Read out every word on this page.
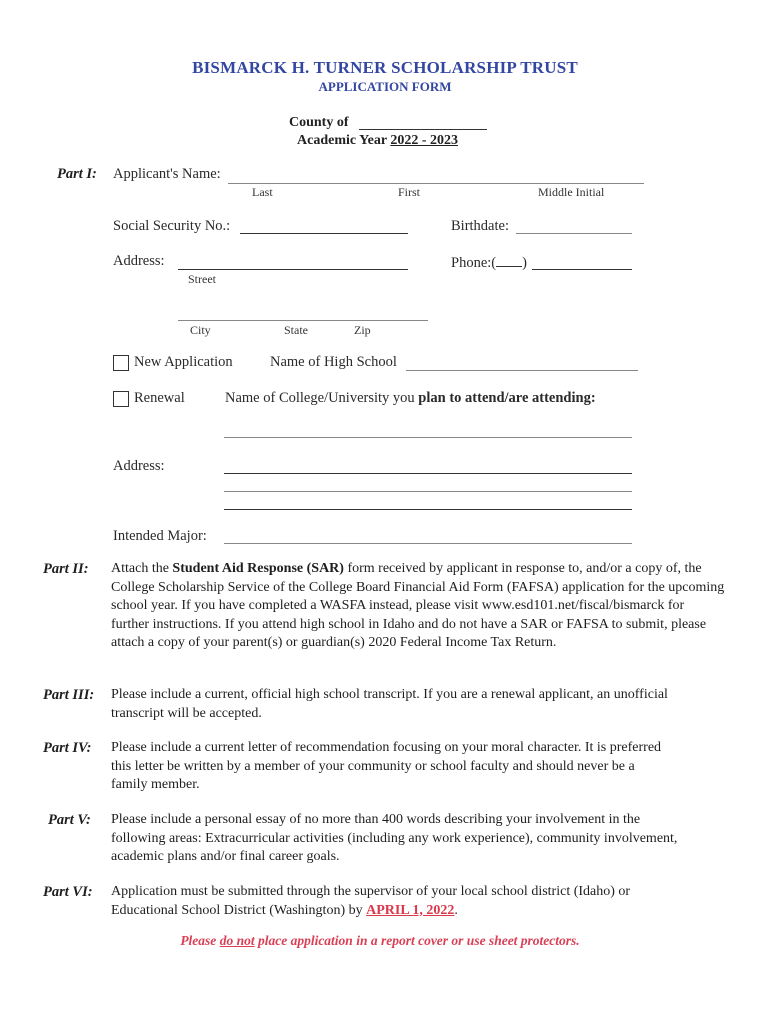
BISMARCK H. TURNER SCHOLARSHIP TRUST
APPLICATION FORM
County of
Academic Year 2022 - 2023
Part I: Applicant's Name:
Last	First	Middle Initial
Social Security No.:	Birthdate:
Address:
Street
Phone:( )
City	State	Zip
New Application	Name of High School
Renewal	Name of College/University you plan to attend/are attending:
Address:
Intended Major:
Part II: Attach the Student Aid Response (SAR) form received by applicant in response to, and/or a copy of, the College Scholarship Service of the College Board Financial Aid Form (FAFSA) application for the upcoming school year. If you have completed a WASFA instead, please visit www.esd101.net/fiscal/bismarck for further instructions. If you attend high school in Idaho and do not have a SAR or FAFSA to submit, please attach a copy of your parent(s) or guardian(s) 2020 Federal Income Tax Return.
Part III: Please include a current, official high school transcript. If you are a renewal applicant, an unofficial transcript will be accepted.
Part IV: Please include a current letter of recommendation focusing on your moral character. It is preferred this letter be written by a member of your community or school faculty and should never be a family member.
Part V: Please include a personal essay of no more than 400 words describing your involvement in the following areas: Extracurricular activities (including any work experience), community involvement, academic plans and/or final career goals.
Part VI: Application must be submitted through the supervisor of your local school district (Idaho) or Educational School District (Washington) by APRIL 1, 2022.
Please do not place application in a report cover or use sheet protectors.
